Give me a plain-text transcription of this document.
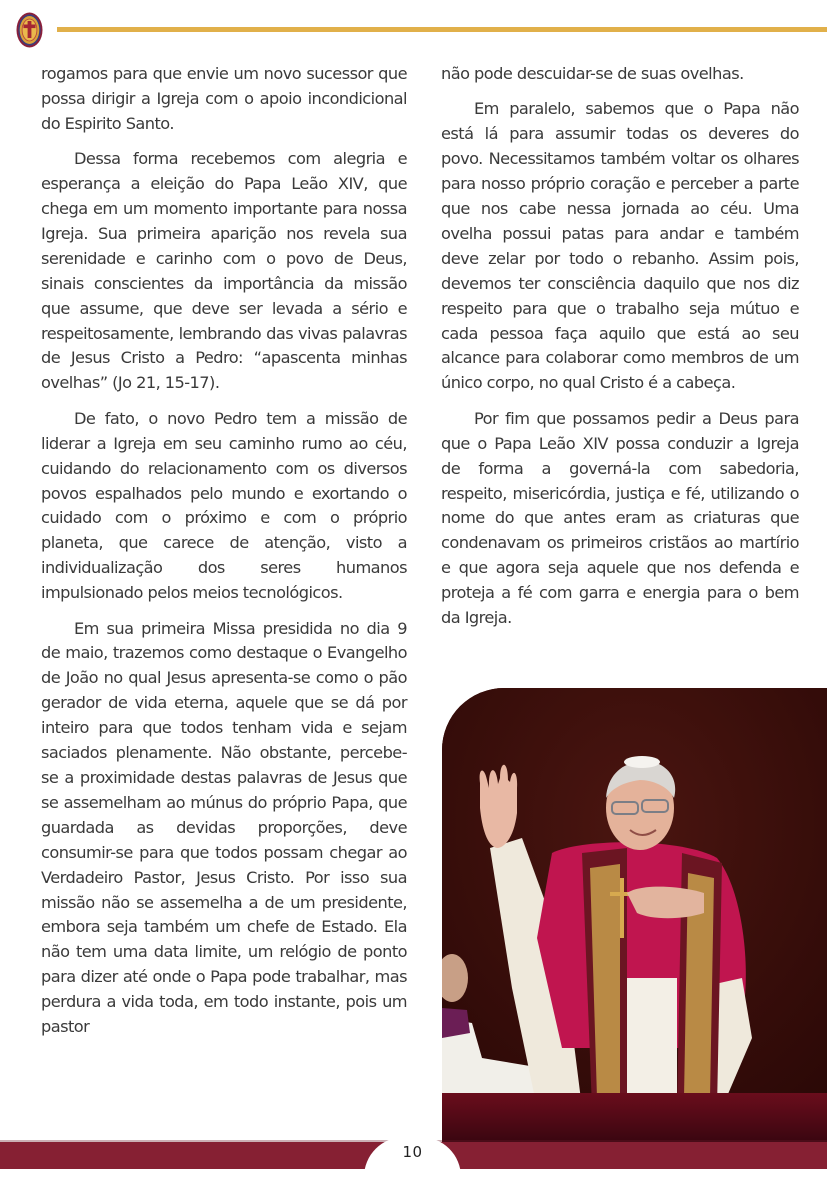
rogamos para que envie um novo sucessor que possa dirigir a Igreja com o apoio incondicional do Espirito Santo.

Dessa forma recebemos com alegria e esperança a eleição do Papa Leão XIV, que chega em um momento importante para nossa Igreja. Sua primeira aparição nos revela sua serenidade e carinho com o povo de Deus, sinais conscientes da importância da missão que assume, que deve ser levada a sério e respeitosamente, lembrando das vivas palavras de Jesus Cristo a Pedro: “apascenta minhas ovelhas” (Jo 21, 15-17).

De fato, o novo Pedro tem a missão de liderar a Igreja em seu caminho rumo ao céu, cuidando do relacionamento com os diversos povos espalhados pelo mundo e exortando o cuidado com o próximo e com o próprio planeta, que carece de atenção, visto a individualização dos seres humanos impulsionado pelos meios tecnológicos.

Em sua primeira Missa presidida no dia 9 de maio, trazemos como destaque o Evangelho de João no qual Jesus apresenta-se como o pão gerador de vida eterna, aquele que se dá por inteiro para que todos tenham vida e sejam saciados plenamente. Não obstante, percebe-se a proximidade destas palavras de Jesus que se assemelham ao múnus do próprio Papa, que guardada as devidas proporções, deve consumir-se para que todos possam chegar ao Verdadeiro Pastor, Jesus Cristo. Por isso sua missão não se assemelha a de um presidente, embora seja também um chefe de Estado. Ela não tem uma data limite, um relógio de ponto para dizer até onde o Papa pode trabalhar, mas perdura a vida toda, em todo instante, pois um pastor

não pode descuidar-se de suas ovelhas.

Em paralelo, sabemos que o Papa não está lá para assumir todas os deveres do povo. Necessitamos também voltar os olhares para nosso próprio coração e perceber a parte que nos cabe nessa jornada ao céu. Uma ovelha possui patas para andar e também deve zelar por todo o rebanho. Assim pois, devemos ter consciência daquilo que nos diz respeito para que o trabalho seja mútuo e cada pessoa faça aquilo que está ao seu alcance para colaborar como membros de um único corpo, no qual Cristo é a cabeça.

Por fim que possamos pedir a Deus para que o Papa Leão XIV possa conduzir a Igreja de forma a governá-la com sabedoria, respeito, misericórdia, justiça e fé, utilizando o nome do que antes eram as criaturas que condenavam os primeiros cristãos ao martírio e que agora seja aquele que nos defenda e proteja a fé com garra e energia para o bem da Igreja.

10
